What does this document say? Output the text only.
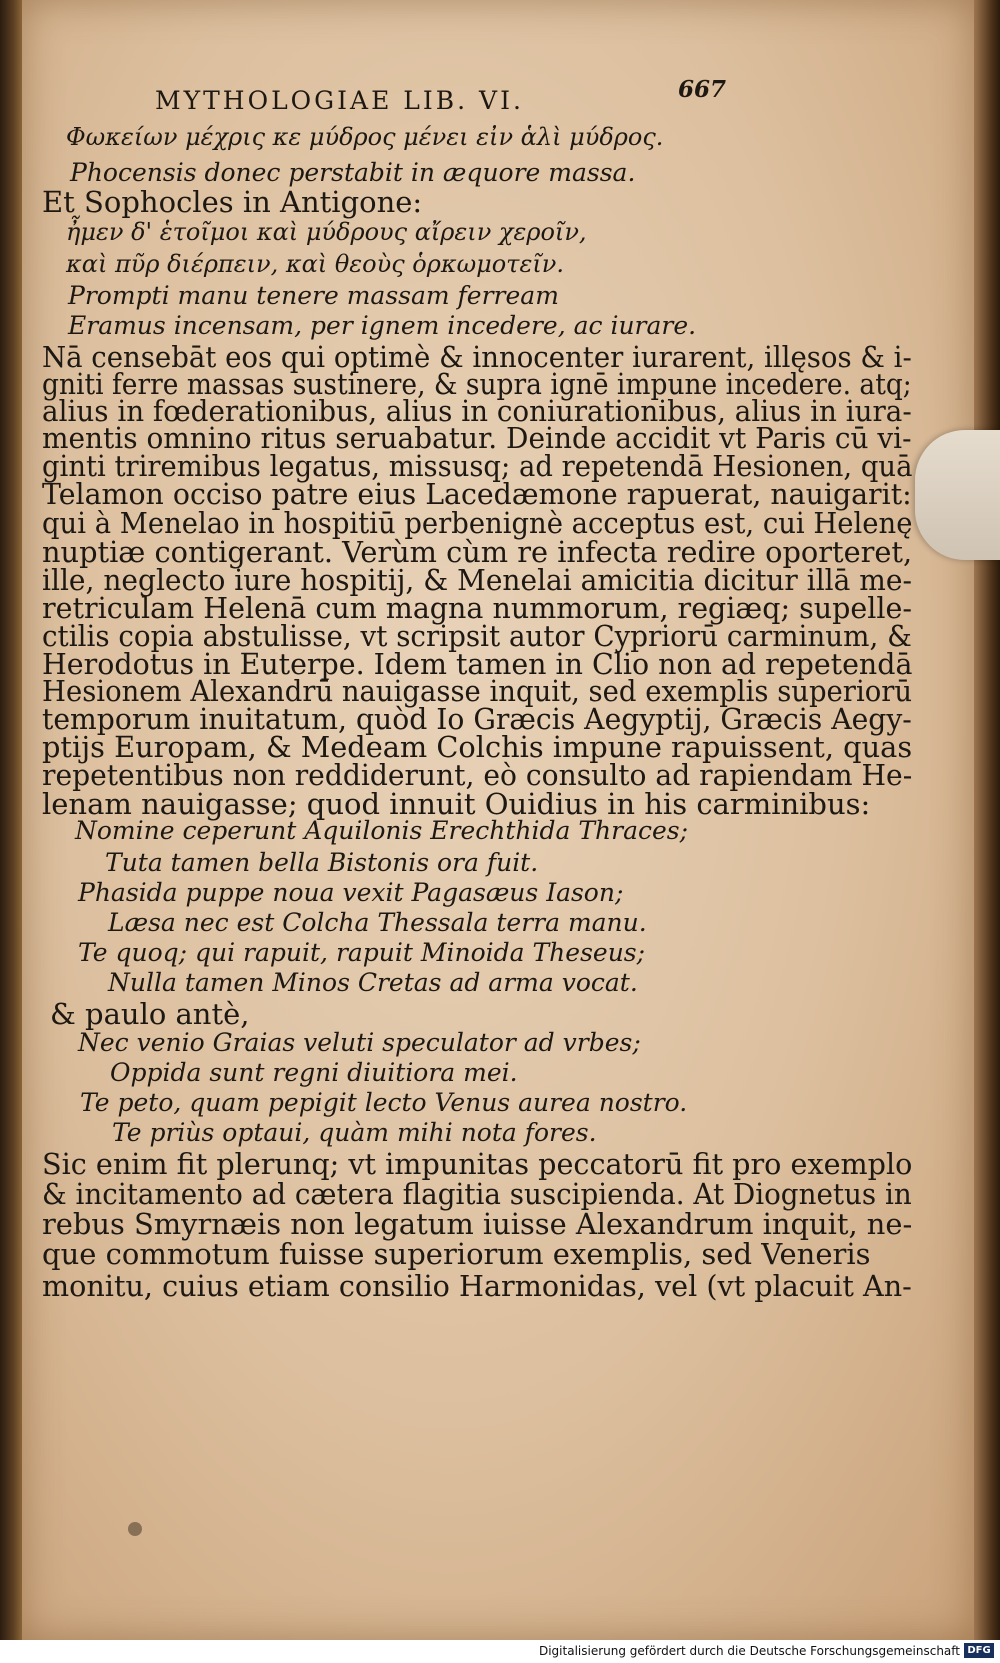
MYTHOLOGIAE LIB. VI.	667
Φωκείων μέχρις κε μύδρος μένει εἰν ἁλὶ μύδρος.
Phocensis donec perstabit in æquore massa.
Et Sophocles in Antigone:
ἦμεν δ' ἑτοῖμοι καὶ μύδρους αἴρειν χεροῖν,
καὶ πῦρ διέρπειν, καὶ θεοὺς ὁρκωμοτεῖν.
Prompti manu tenere massam ferream
Eramus incensam, per ignem incedere, ac iurare.
Nā censebāt eos qui optimè & innocenter iurarent, illęsos & i-
gniti ferre massas sustinere, & supra ignē impune incedere. atq;
alius in fœderationibus, alius in coniurationibus, alius in iura-
mentis omnino ritus seruabatur. Deinde accidit vt Paris cū vi-
ginti triremibus legatus, missusq; ad repetendā Hesionen, quā
Telamon occiso patre eius Lacedæmone rapuerat, nauigarit:
qui à Menelao in hospitiū perbenignè acceptus est, cui Helenę
nuptiæ contigerant. Verùm cùm re infecta redire oporteret,
ille, neglecto iure hospitij, & Menelai amicitia dicitur illā me-
retriculam Helenā cum magna nummorum, regiæq; supelle-
ctilis copia abstulisse, vt scripsit autor Cypriorū carminum, &
Herodotus in Euterpe. Idem tamen in Clio non ad repetendā
Hesionem Alexandrū nauigasse inquit, sed exemplis superiorū
temporum inuitatum, quòd Io Græcis Aegyptij, Græcis Aegy-
ptijs Europam, & Medeam Colchis impune rapuissent, quas
repetentibus non reddiderunt, eò consulto ad rapiendam He-
lenam nauigasse; quod innuit Ouidius in his carminibus:
Nomine ceperunt Aquilonis Erechthida Thraces;
Tuta tamen bella Bistonis ora fuit.
Phasida puppe noua vexit Pagasæus Iason;
Læsa nec est Colcha Thessala terra manu.
Te quoq; qui rapuit, rapuit Minoida Theseus;
Nulla tamen Minos Cretas ad arma vocat.
& paulo antè,
Nec venio Graias veluti speculator ad vrbes;
Oppida sunt regni diuitiora mei.
Te peto, quam pepigit lecto Venus aurea nostro.
Te priùs optaui, quàm mihi nota fores.
Sic enim fit plerunq; vt impunitas peccatorū fit pro exemplo
& incitamento ad cætera flagitia suscipienda. At Diognetus in
rebus Smyrnæis non legatum iuisse Alexandrum inquit, ne-
que commotum fuisse superiorum exemplis, sed Veneris
monitu, cuius etiam consilio Harmonidas, vel (vt placuit An-
Digitalisierung gefördert durch die Deutsche Forschungsgemeinschaft DFG
